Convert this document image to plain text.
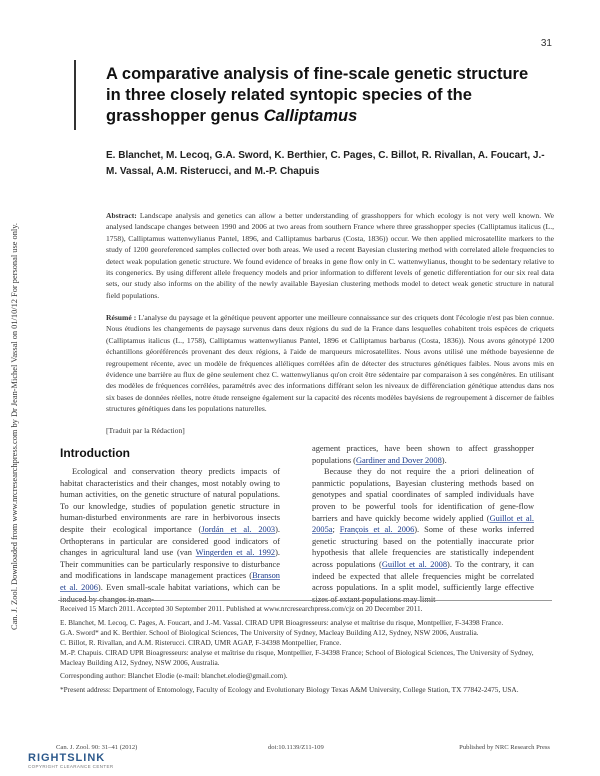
31
A comparative analysis of fine-scale genetic structure in three closely related syntopic species of the grasshopper genus Calliptamus
E. Blanchet, M. Lecoq, G.A. Sword, K. Berthier, C. Pages, C. Billot, R. Rivallan, A. Foucart, J.-M. Vassal, A.M. Risterucci, and M.-P. Chapuis

Abstract: Landscape analysis and genetics can allow a better understanding of grasshoppers for which ecology is not very well known. We analysed landscape changes between 1990 and 2006 at two areas from southern France where three grasshopper species (Calliptamus italicus (L., 1758), Calliptamus wattenwylianus Pantel, 1896, and Calliptamus barbarus (Costa, 1836)) occur. We then applied microsatellite markers to the study of 1200 georeferenced samples collected over both areas. We used a recent Bayesian clustering method with correlated allele frequencies to detect weak population genetic structure. We found evidence of breaks in gene flow only in C. wattenwylianus, thought to be sedentary relative to its congenerics. By using different allele frequency models and prior information to different levels of genetic differentiation for our six real data sets, our study also informs on the ability of the newly available Bayesian clustering methods model to detect weak genetic structure in natural field populations.

Résumé : L'analyse du paysage et la génétique peuvent apporter une meilleure connaissance sur des criquets dont l'écologie n'est pas bien connue. Nous étudions les changements de paysage survenus dans deux régions du sud de la France dans lesquelles cohabitent trois espèces de criquets (Calliptamus italicus (L., 1758), Calliptamus wattenwylianus Pantel, 1896 et Calliptamus barbarus (Costa, 1836)). Nous avons génotypé 1200 échantillons géoréférencés provenant des deux régions, à l'aide de marqueurs microsatellites. Nous avons utilisé une méthode bayesienne de regroupement récente, avec un modèle de fréquences alléliques corrélées afin de détecter des structures génétiques faibles. Nous avons mis en évidence une barrière au flux de gène seulement chez C. wattenwylianus qu'on croit être sédentaire par comparaison à ses congénères. En utilisant des modèles de fréquences corrélées, paramétrés avec des informations différant selon les niveaux de différenciation génétique attendus dans nos six bases de données réelles, notre étude renseigne également sur la capacité des récents modèles bayésiens de regroupement à discerner de faibles structures génétiques dans les populations naturelles.

[Traduit par la Rédaction]
Can. J. Zool. Downloaded from www.nrcresearchpress.com by Dr Jean-Michel Vassal on 01/10/12 For personal use only.	Introduction

Ecological and conservation theory predicts impacts of habitat characteristics and their changes, most notably owing to human activities, on the genetic structure of natural populations. To our knowledge, studies of population genetic structure in human-disturbed environments are rare in herbivorous insects despite their ecological importance (Jordán et al. 2003). Orthopterans in particular are considered good indicators of changes in agricultural land use (van Wingerden et al. 1992). Their communities can be particularly responsive to disturbance and modifications in landscape management practices (Branson et al. 2006). Even small-scale habitat variations, which can be

agement practices, have been shown to affect grasshopper populations (Gardiner and Dover 2008).

Because they do not require the a priori delineation of panmictic populations, Bayesian clustering methods based on genotypes and spatial coordinates of sampled individuals have proven to be powerful tools for identification of gene-flow barriers and have quickly become widely applied (Guillot et al. 2005a; François et al. 2006). Some of these works inferred genetic structuring based on the potentially inaccurate prior hypothesis that allele frequencies are statistically independent across populations (Guillot et al. 2008). To the contrary, it can indeed be expected that allele frequencies might be correlated across populations. In a split model, sufficiently large effective

Received 15 March 2011. Accepted 30 September 2011. Published at www.nrcresearchpress.com/cjz on 20 December 2011.

E. Blanchet, M. Lecoq, C. Pages, A. Foucart, and J.-M. Vassal. CIRAD UPR Bioagresseurs: analyse et maîtrise du risque, Montpellier, F-34398 France.

G.A. Sword* and K. Berthier. School of Biological Sciences, The University of Sydney, Macleay Building A12, Sydney, NSW 2006, Australia.

C. Billot, R. Rivallan, and A.M. Risterucci. CIRAD, UMR AGAP, F-34398 Montpellier, France.

M.-P. Chapuis. CIRAD UPR Bioagresseurs: analyse et maîtrise du risque, Montpellier, F-34398 France; School of Biological Sciences, The University of Sydney, Macleay Building A12, Sydney, NSW 2006, Australia.

Corresponding author: Blanchet Elodie (e-mail: blanchet.elodie@gmail.com).

*Present address: Department of Entomology, Faculty of Ecology and Evolutionary Biology Texas A&M University, College Station, TX 77842-2475, USA.

Can. J. Zool. 90: 31–41 (2012)	doi:10.1139/Z11-109	Published by NRC Research Press
RIGHTSLINK
COPYRIGHT CLEARANCE CENTER
